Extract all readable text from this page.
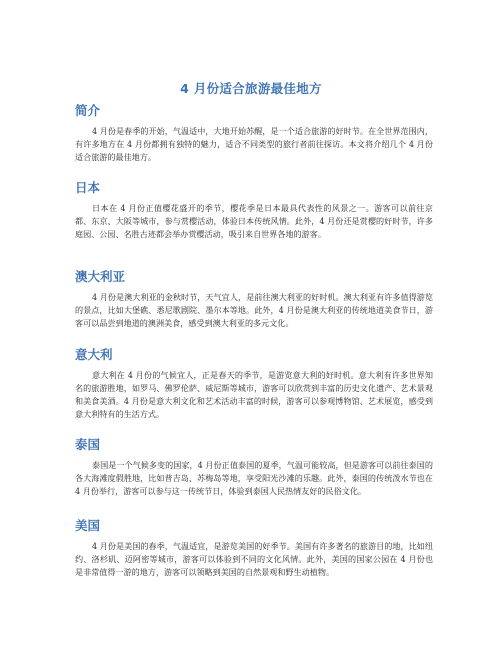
4 月份适合旅游最佳地方
简介

4 月份是春季的开始，气温适中，大地开始苏醒，是一个适合旅游的好时节。在全世界范围内，有许多地方在 4 月份都拥有独特的魅力，适合不同类型的旅行者前往探访。本文将介绍几个 4 月份适合旅游的最佳地方。

日本

日本在 4 月份正值樱花盛开的季节，樱花季是日本最具代表性的风景之一。游客可以前往京都、东京、大阪等城市，参与赏樱活动，体验日本传统风情。此外，4 月份还是赏樱的好时节，许多庭园、公园、名胜古迹都会举办赏樱活动，吸引来自世界各地的游客。

澳大利亚

4 月份是澳大利亚的金秋时节，天气宜人，是前往澳大利亚的好时机。澳大利亚有许多值得游览的景点，比如大堡礁、悉尼歌剧院、墨尔本等地。此外，4 月份是澳大利亚的传统地道美食节日，游客可以品尝到地道的澳洲美食，感受到澳大利亚的多元文化。

意大利

意大利在 4 月份的气候宜人，正是春天的季节，是游览意大利的好时机。意大利有许多世界知名的旅游胜地，如罗马、佛罗伦萨、威尼斯等城市，游客可以欣赏到丰富的历史文化遗产、艺术景观和美食美酒。4 月份是意大利文化和艺术活动丰富的时候，游客可以参观博物馆、艺术展览，感受到意大利特有的生活方式。

泰国

泰国是一个气候多变的国家，4 月份正值泰国的夏季，气温可能较高，但是游客可以前往泰国的各大海滩度假胜地，比如普吉岛、苏梅岛等地，享受阳光沙滩的乐趣。此外，泰国的传统泼水节也在 4 月份举行，游客可以参与这一传统节日，体验到泰国人民热情友好的民俗文化。

美国

4 月份是美国的春季，气温适宜，是游览美国的好季节。美国有许多著名的旅游目的地，比如纽约、洛杉矶、迈阿密等城市，游客可以体验到不同的文化风情。此外，美国的国家公园在 4 月份也是非常值得一游的地方，游客可以领略到美国的自然景观和野生动植物。
